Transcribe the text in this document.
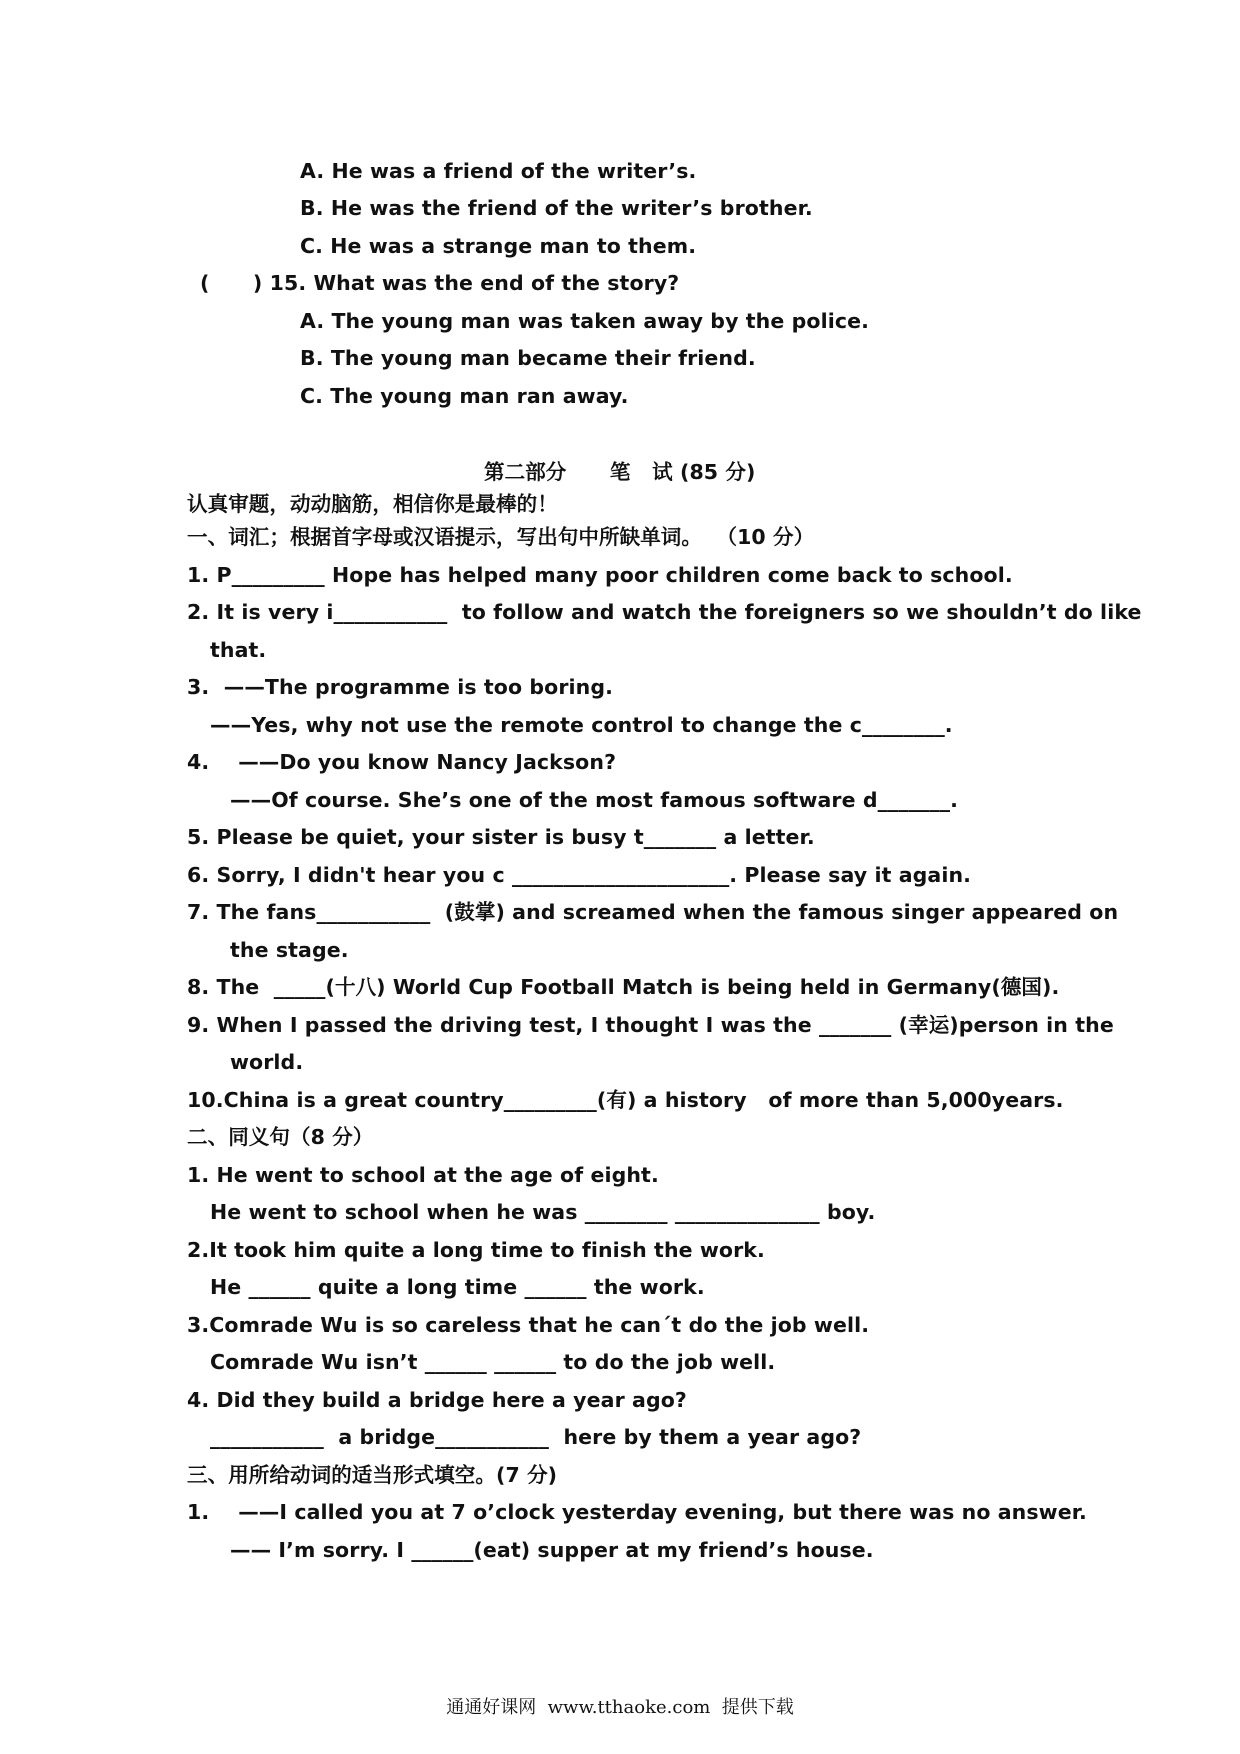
A. He was a friend of the writer’s.
B. He was the friend of the writer’s brother.
C. He was a strange man to them.
(      ) 15. What was the end of the story?
A. The young man was taken away by the police.
B. The young man became their friend.
C. The young man ran away.
第二部分      笔   试 (85 分)
认真审题，动动脑筋，相信你是最棒的！
一、词汇；根据首字母或汉语提示，写出句中所缺单词。  （10 分）
1. P_________ Hope has helped many poor children come back to school.
2. It is very i___________  to follow and watch the foreigners so we shouldn’t do like
that.
3.  ——The programme is too boring.
——Yes, why not use the remote control to change the c________.
4.    ——Do you know Nancy Jackson?
——Of course. She’s one of the most famous software d_______.
5. Please be quiet, your sister is busy t_______ a letter.
6. Sorry, I didn't hear you c _____________________. Please say it again.
7. The fans___________  (鼓掌) and screamed when the famous singer appeared on
the stage.
8. The  _____(十八) World Cup Football Match is being held in Germany(德国).
9. When I passed the driving test, I thought I was the _______ (幸运)person in the
world.
10.China is a great country_________(有) a history   of more than 5,000years.
二、同义句（8 分）
1. He went to school at the age of eight.
He went to school when he was ________ ______________ boy.
2.It took him quite a long time to finish the work.
He ______ quite a long time ______ the work.
3.Comrade Wu is so careless that he can´t do the job well.
Comrade Wu isn’t ______ ______ to do the job well.
4. Did they build a bridge here a year ago?
___________  a bridge___________  here by them a year ago?
三、用所给动词的适当形式填空。(7 分)
1.    ——I called you at 7 o’clock yesterday evening, but there was no answer.
—— I’m sorry. I ______(eat) supper at my friend’s house.
通通好课网  www.tthaoke.com  提供下载
